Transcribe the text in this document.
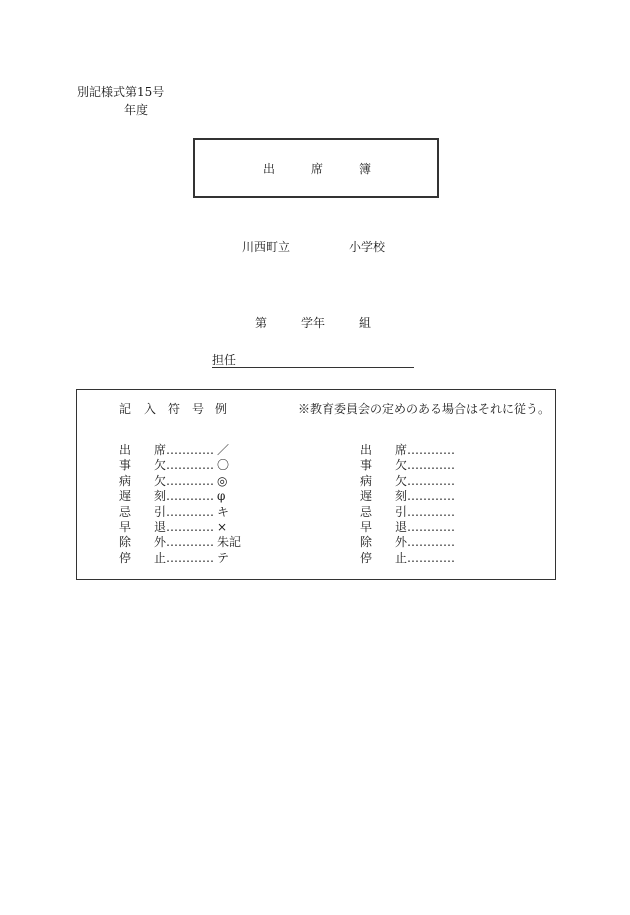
別記様式第15号
年度
出	席	簿
川西町立	小学校
第	学年	組
担任
記 入 符 号 例	※教育委員会の定めのある場合はそれに従う。
出 席 ………… ／
事 欠 ………… 〇
病 欠 ………… ◎
遅 刻 ………… φ
忌 引 ………… キ
早 退 ………… ×
除 外 ………… 朱記
停 止 ………… テ
出 席 …………
事 欠 …………
病 欠 …………
遅 刻 …………
忌 引 …………
早 退 …………
除 外 …………
停 止 …………
